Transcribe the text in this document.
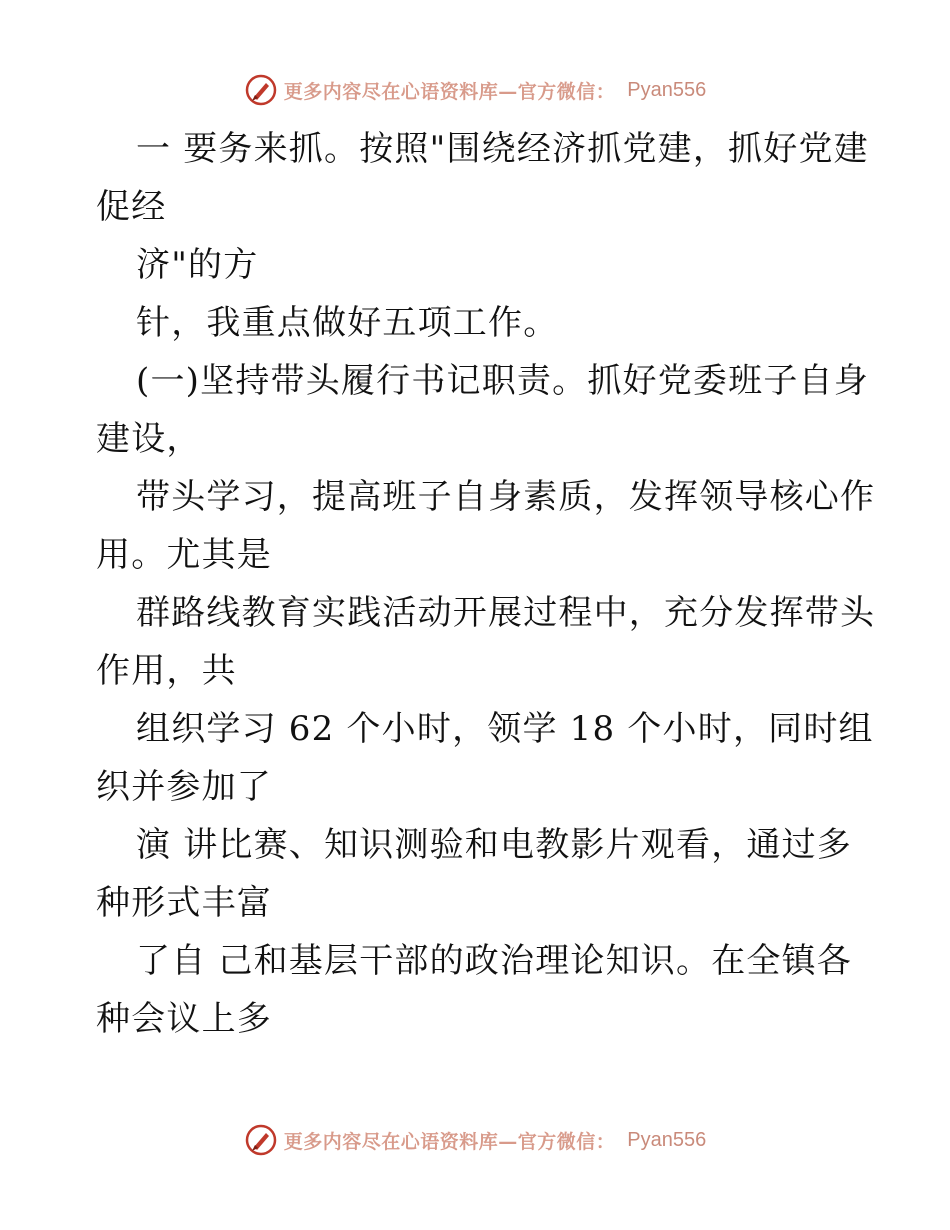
更多内容尽在心语资料库—官方微信： Pyan556
一 要务来抓。按照"围绕经济抓党建，抓好党建
促经
济"的方
针，我重点做好五项工作。
(一)坚持带头履行书记职责。抓好党委班子自身
建设，
带头学习，提高班子自身素质，发挥领导核心作
用。尤其是
群路线教育实践活动开展过程中，充分发挥带头
作用，共
组织学习 62 个小时，领学 18 个小时，同时组
织并参加了
演 讲比赛、知识测验和电教影片观看，通过多
种形式丰富
了自 己和基层干部的政治理论知识。在全镇各
种会议上多
更多内容尽在心语资料库—官方微信： Pyan556
